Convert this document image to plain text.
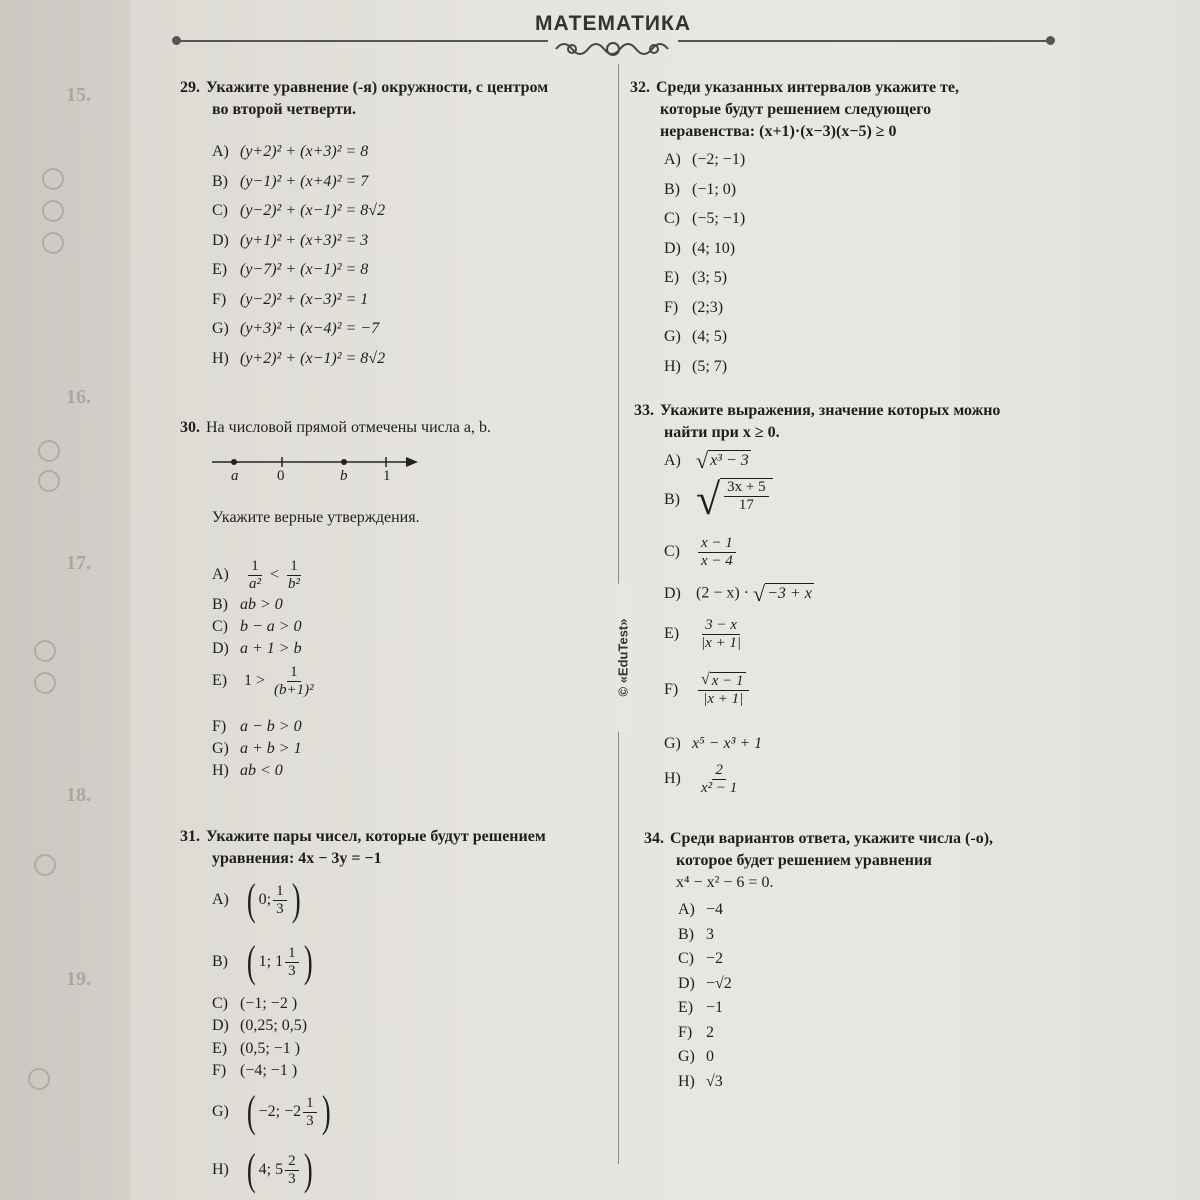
15.
16.
17.
18.
19.
МАТЕМАТИКА
© «EduTest»
29. Укажите уравнение (-я) окружности, с центром
во второй четверти.
A) (y+2)² + (x+3)² = 8
B) (y−1)² + (x+4)² = 7
C) (y−2)² + (x−1)² = 8√2
D) (y+1)² + (x+3)² = 3
E) (y−7)² + (x−1)² = 8
F) (y−2)² + (x−3)² = 1
G) (y+3)² + (x−4)² = −7
H) (y+2)² + (x−1)² = 8√2
30. На числовой прямой отмечены числа a, b.
a	0	b 1
Укажите верные утверждения.
$A) \frac{1}{\text{a²}} < \frac{1}{\text{b²}}$
B) ab > 0
C) b − a > 0
D) a + 1 > b
E) $1 > \frac{1}{\text{(b+1)²}}$
F) a − b > 0
G) a + b > 1
H) ab < 0
31. Укажите пары чисел, которые будут решением
уравнения: 4x − 3y = −1
A) ( 0; $\frac{1}{3}$ )
B) ( 1; $1 \frac{1}{3}$ )
C) (−1; −2 )
D) (0,25; 0,5)
E) (0,5; −1 )
F) (−4; −1 )
G) ( −2; $-2 \frac{1}{3}$ )
H) ( 4; $5 \frac{2}{3}$ )
32. Среди указанных интервалов укажите те,
которые будут решением следующего
неравенства: (x+1)·(x−3)(x−5) ≥ 0
A) (−2; −1)
B) (−1; 0)
C) (−5; −1)
D) (4; 10)
E) (3; 5)
F) (2;3)
G) (4; 5)
H) (5; 7)
33. Укажите выражения, значение которых можно
найти при x ≥ 0.
A) √ x³ − 3
B) √ $\frac{3x + 5}{17}$
$C) \frac{x - 1}{x - 4}$
D) (2 − x) · √ −3 + x
$E) \frac{3 - x}{|x + 1|}$
$F) \frac{√ x - 1}{|x + 1|}$
G) x⁵ − x³ + 1
$H) \frac{2}{\text{x² − 1}}$
34. Среди вариантов ответа, укажите числа (-о),
которое будет решением уравнения
x⁴ − x² − 6 = 0.
A) −4
B) 3
C) −2
D) −√2
E) −1
F) 2
G) 0
H) √3
